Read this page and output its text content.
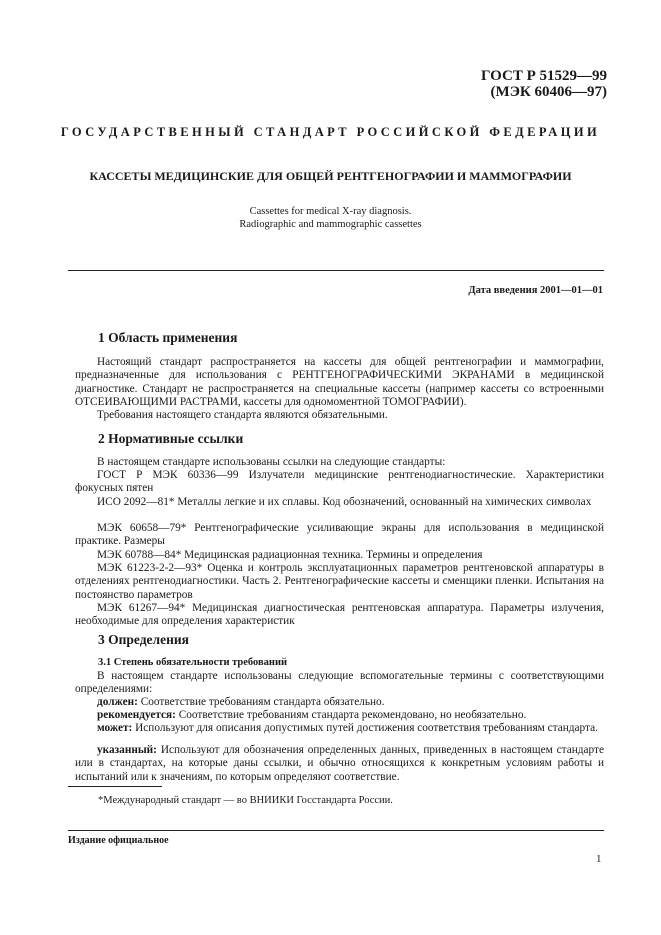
ГОСТ Р 51529—99
(МЭК 60406—97)
ГОСУДАРСТВЕННЫЙ СТАНДАРТ РОССИЙСКОЙ ФЕДЕРАЦИИ
КАССЕТЫ МЕДИЦИНСКИЕ ДЛЯ ОБЩЕЙ РЕНТГЕНОГРАФИИ И МАММОГРАФИИ
Cassettes for medical X-ray diagnosis.
Radiographic and mammographic cassettes
Дата введения 2001—01—01
1 Область применения

Настоящий стандарт распространяется на кассеты для общей рентгенографии и маммографии, предназначенные для использования с РЕНТГЕНОГРАФИЧЕСКИМИ ЭКРАНАМИ в медицинской диагностике. Стандарт не распространяется на специальные кассеты (например кассеты со встроенными ОТСЕИВАЮЩИМИ РАСТРАМИ, кассеты для одномоментной ТОМОГРАФИИ).

Требования настоящего стандарта являются обязательными.

2 Нормативные ссылки

В настоящем стандарте использованы ссылки на следующие стандарты:

ГОСТ Р МЭК 60336—99 Излучатели медицинские рентгенодиагностические. Характеристики фокусных пятен

ИСО 2092—81* Металлы легкие и их сплавы. Код обозначений, основанный на химических символах

МЭК 60658—79* Рентгенографические усиливающие экраны для использования в медицинской практике. Размеры

МЭК 60788—84* Медицинская радиационная техника. Термины и определения

МЭК 61223-2-2—93* Оценка и контроль эксплуатационных параметров рентгеновской аппаратуры в отделениях рентгенодиагностики. Часть 2. Рентгенографические кассеты и сменщики пленки. Испытания на постоянство параметров

МЭК 61267—94* Медицинская диагностическая рентгеновская аппаратура. Параметры излучения, необходимые для определения характеристик

3 Определения
3.1 Степень обязательности требований

В настоящем стандарте использованы следующие вспомогательные термины с соответствующими определениями:

должен: Соответствие требованиям стандарта обязательно.

рекомендуется: Соответствие требованиям стандарта рекомендовано, но необязательно.

может: Используют для описания допустимых путей достижения соответствия требованиям стандарта.

указанный: Используют для обозначения определенных данных, приведенных в настоящем стандарте или в стандартах, на которые даны ссылки, и обычно относящихся к конкретным условиям работы и испытаний или к значениям, по которым определяют соответствие.

*Международный стандарт — во ВНИИКИ Госстандарта России.
Издание официальное
1
